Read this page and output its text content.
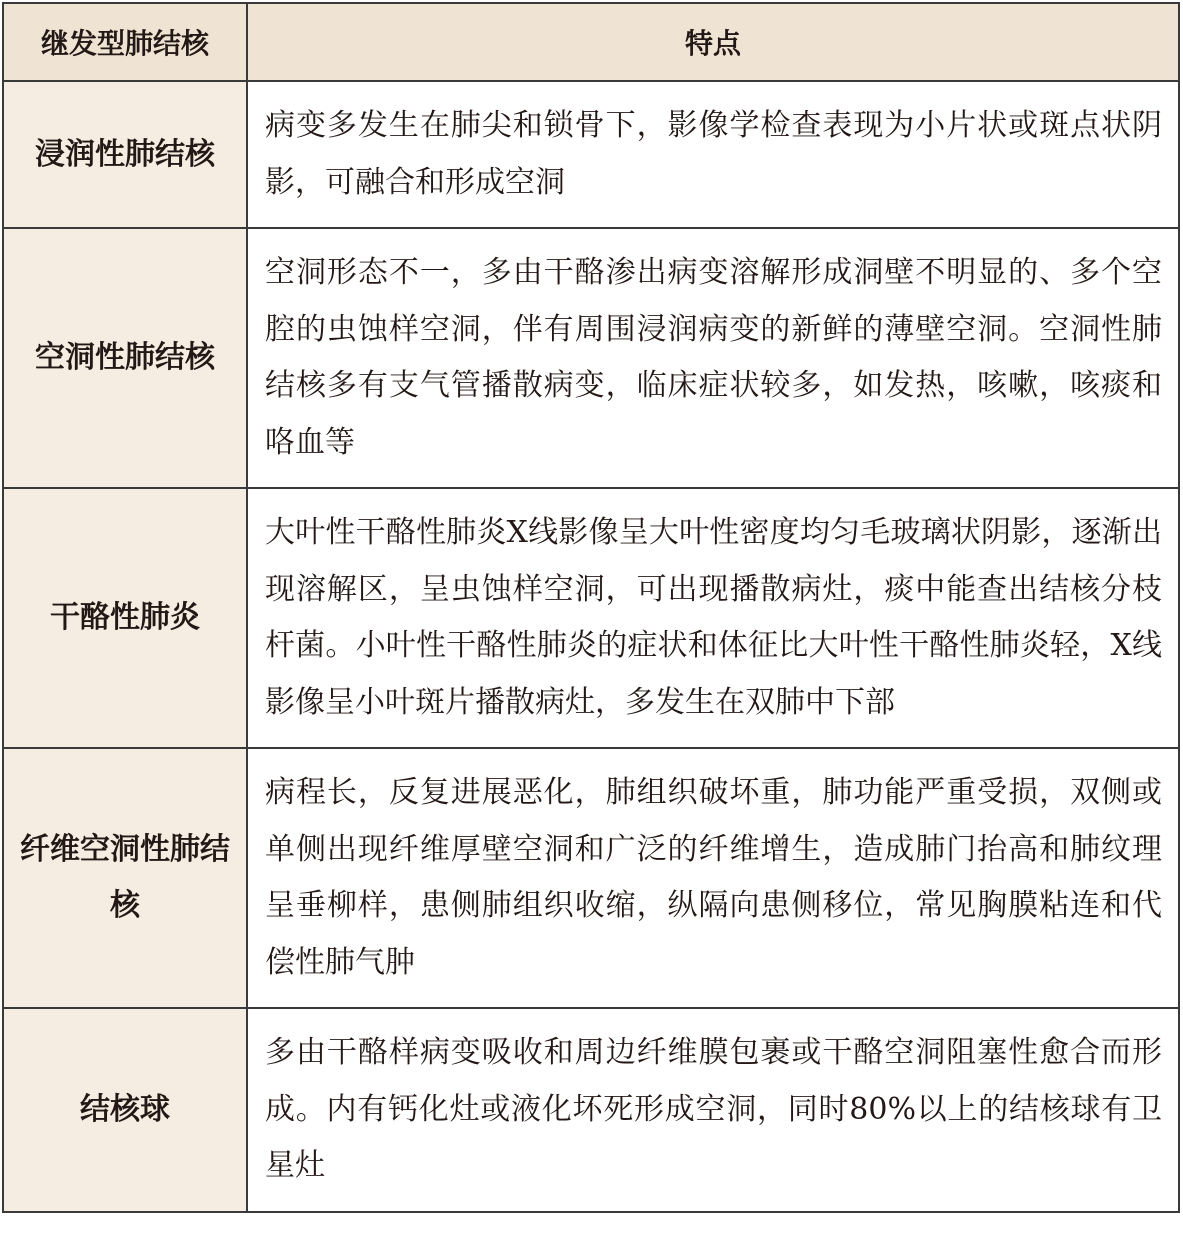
继发型肺结核	特点
浸润性肺结核	病变多发生在肺尖和锁骨下，影像学检查表现为小片状或斑点状阴影，可融合和形成空洞
空洞性肺结核	空洞形态不一，多由干酪渗出病变溶解形成洞壁不明显的、多个空腔的虫蚀样空洞，伴有周围浸润病变的新鲜的薄壁空洞。空洞性肺结核多有支气管播散病变，临床症状较多，如发热，咳嗽，咳痰和咯血等
干酪性肺炎	大叶性干酪性肺炎X线影像呈大叶性密度均匀毛玻璃状阴影，逐渐出现溶解区，呈虫蚀样空洞，可出现播散病灶，痰中能查出结核分枝杆菌。小叶性干酪性肺炎的症状和体征比大叶性干酪性肺炎轻，X线影像呈小叶斑片播散病灶，多发生在双肺中下部
纤维空洞性肺结核	病程长，反复进展恶化，肺组织破坏重，肺功能严重受损，双侧或单侧出现纤维厚壁空洞和广泛的纤维增生，造成肺门抬高和肺纹理呈垂柳样，患侧肺组织收缩，纵隔向患侧移位，常见胸膜粘连和代偿性肺气肿
结核球	多由干酪样病变吸收和周边纤维膜包裹或干酪空洞阻塞性愈合而形成。内有钙化灶或液化坏死形成空洞，同时80%以上的结核球有卫星灶
